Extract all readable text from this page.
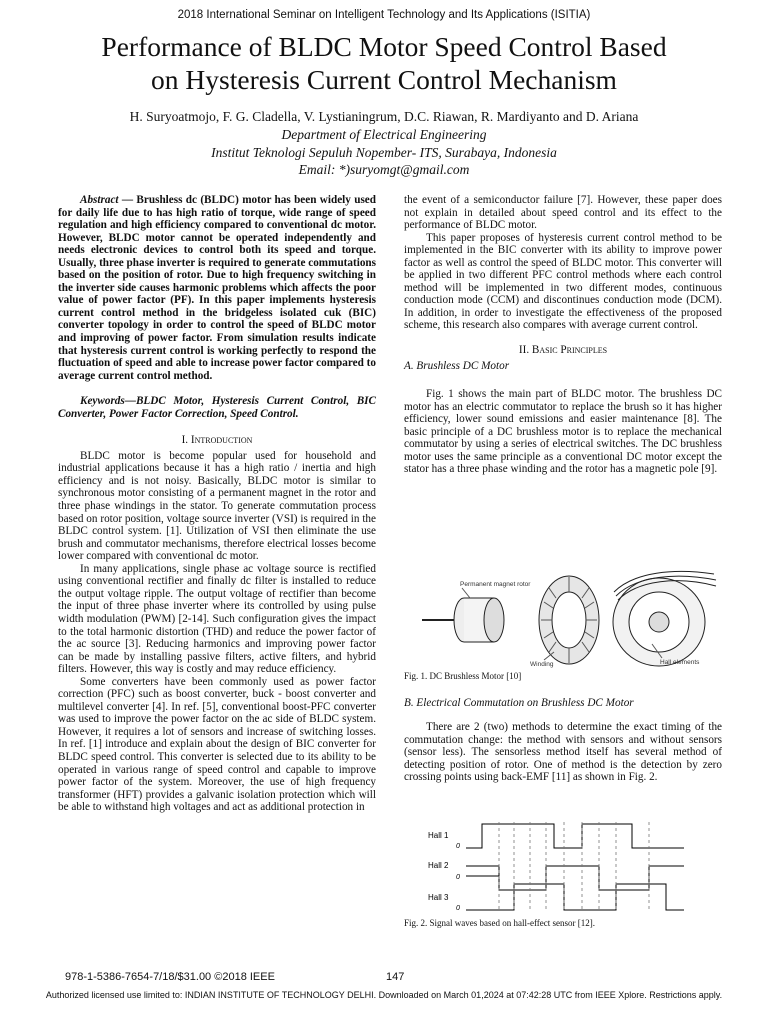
2018 International Seminar on Intelligent Technology and Its Applications (ISITIA)
Performance of BLDC Motor Speed Control Based
on Hysteresis Current Control Mechanism
H. Suryoatmojo, F. G. Cladella, V. Lystianingrum, D.C. Riawan, R. Mardiyanto and D. Ariana
Department of Electrical Engineering
Institut Teknologi Sepuluh Nopember- ITS, Surabaya, Indonesia
Email: *)suryomgt@gmail.com

Abstract — Brushless dc (BLDC) motor has been widely used for daily life due to has high ratio of torque, wide range of speed regulation and high efficiency compared to conventional dc motor. However, BLDC motor cannot be operated independently and needs electronic devices to control both its speed and torque. Usually, three phase inverter is required to generate commutations based on the position of rotor. Due to high frequency switching in the inverter side causes harmonic problems which affects the poor value of power factor (PF). In this paper implements hysteresis current control method in the bridgeless isolated cuk (BIC) converter topology in order to control the speed of BLDC motor and improving of power factor. From simulation results indicate that hysteresis current control is working perfectly to respond the fluctuation of speed and able to increase power factor compared to average current control method.

Keywords—BLDC Motor, Hysteresis Current Control, BIC Converter, Power Factor Correction, Speed Control.

I. Introduction

BLDC motor is become popular used for household and industrial applications because it has a high ratio / inertia and high efficiency and is not noisy. Basically, BLDC motor is similar to synchronous motor consisting of a permanent magnet in the rotor and three phase windings in the stator. To generate commutation process based on rotor position, voltage source inverter (VSI) is required in the BLDC control system. [1]. Utilization of VSI then eliminate the use brush and commutator mechanisms, therefore electrical losses become lower compared with conventional dc motor.

In many applications, single phase ac voltage source is rectified using conventional rectifier and finally dc filter is installed to reduce the output voltage ripple. The output voltage of rectifier than become the input of three phase inverter where its controlled by using pulse width modulation (PWM) [2-14]. Such configuration gives the impact to the total harmonic distortion (THD) and reduce the power factor of the ac source [3]. Reducing harmonics and improving power factor can be made by installing passive filters, active filters, and hybrid filters. However, this way is costly and may reduce efficiency.

Some converters have been commonly used as power factor correction (PFC) such as boost converter, buck - boost converter and multilevel converter [4]. In ref. [5], conventional boost-PFC converter was used to improve the power factor on the ac side of BLDC system. However, it requires a lot of sensors and increase of switching losses. In ref. [1] introduce and explain about the design of BIC converter for BLDC speed control. This converter is selected due to its ability to be operated in various range of speed control and capable to improve power factor of the system. Moreover, the use of high frequency transformer (HFT) provides a galvanic isolation protection which will be able to withstand high voltages and act as additional protection in

the event of a semiconductor failure [7]. However, these paper does not explain in detailed about speed control and its effect to the performance of BLDC motor.

This paper proposes of hysteresis current control method to be implemented in the BIC converter with its ability to improve power factor as well as control the speed of BLDC motor. This converter will be applied in two different PFC control methods where each control method will be implemented in two different modes, continuous conduction mode (CCM) and discontinues conduction mode (DCM). In addition, in order to investigate the effectiveness of the proposed scheme, this research also compares with average current control.

II. Basic Principles

A. Brushless DC Motor

Fig. 1 shows the main part of BLDC motor. The brushless DC motor has an electric commutator to replace the brush so it has higher efficiency, lower sound emissions and easier maintenance [8]. The basic principle of a DC brushless motor is to replace the mechanical commutator by using a series of electrical switches. The DC brushless motor uses the same principle as a conventional DC motor except the stator has a three phase winding and the rotor has a magnetic pole [9].

Permanent magnet rotor
Winding	Hall elements

Fig. 1. DC Brushless Motor [10]

B. Electrical Commutation on Brushless DC Motor

There are 2 (two) methods to determine the exact timing of the commutation change: the method with sensors and without sensors (sensor less). The sensorless method itself has several method of detecting position of rotor. One of method is the detection by zero crossing points using back-EMF [11] as shown in Fig. 2.

Hall 1
Hall 2
Hall 3
0
0
0

Fig. 2. Signal waves based on hall-effect sensor [12].

978-1-5386-7654-7/18/$31.00 ©2018 IEEE	147
Authorized licensed use limited to: INDIAN INSTITUTE OF TECHNOLOGY DELHI. Downloaded on March 01,2024 at 07:42:28 UTC from IEEE Xplore. Restrictions apply.
